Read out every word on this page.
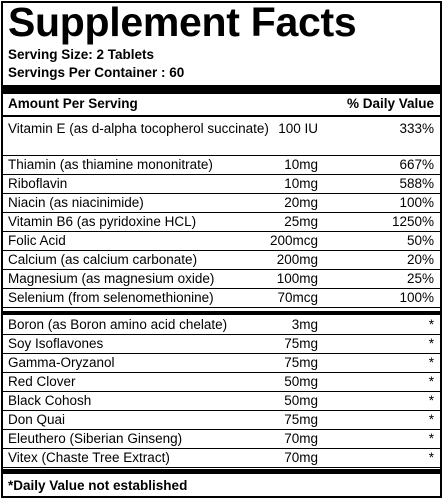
Supplement Facts
Serving Size: 2 Tablets
Servings Per Container : 60
Amount Per Serving	% Daily Value
Vitamin E (as d-alpha tocopherol succinate) 100 IU	333%
Thiamin (as thiamine mononitrate)	10mg	667%
Riboflavin	10mg	588%
Niacin (as niacinimide)	20mg	100%
Vitamin B6 (as pyridoxine HCL)	25mg	1250%
Folic Acid	200mcg	50%
Calcium (as calcium carbonate)	200mg	20%
Magnesium (as magnesium oxide)	100mg	25%
Selenium (from selenomethionine)	70mcg	100%
Boron (as Boron amino acid chelate)	3mg	*
Soy Isoflavones	75mg	*
Gamma-Oryzanol	75mg	*
Red Clover	50mg	*
Black Cohosh	50mg	*
Don Quai	75mg	*
Eleuthero (Siberian Ginseng)	70mg	*
Vitex (Chaste Tree Extract)	70mg	*
*Daily Value not established
